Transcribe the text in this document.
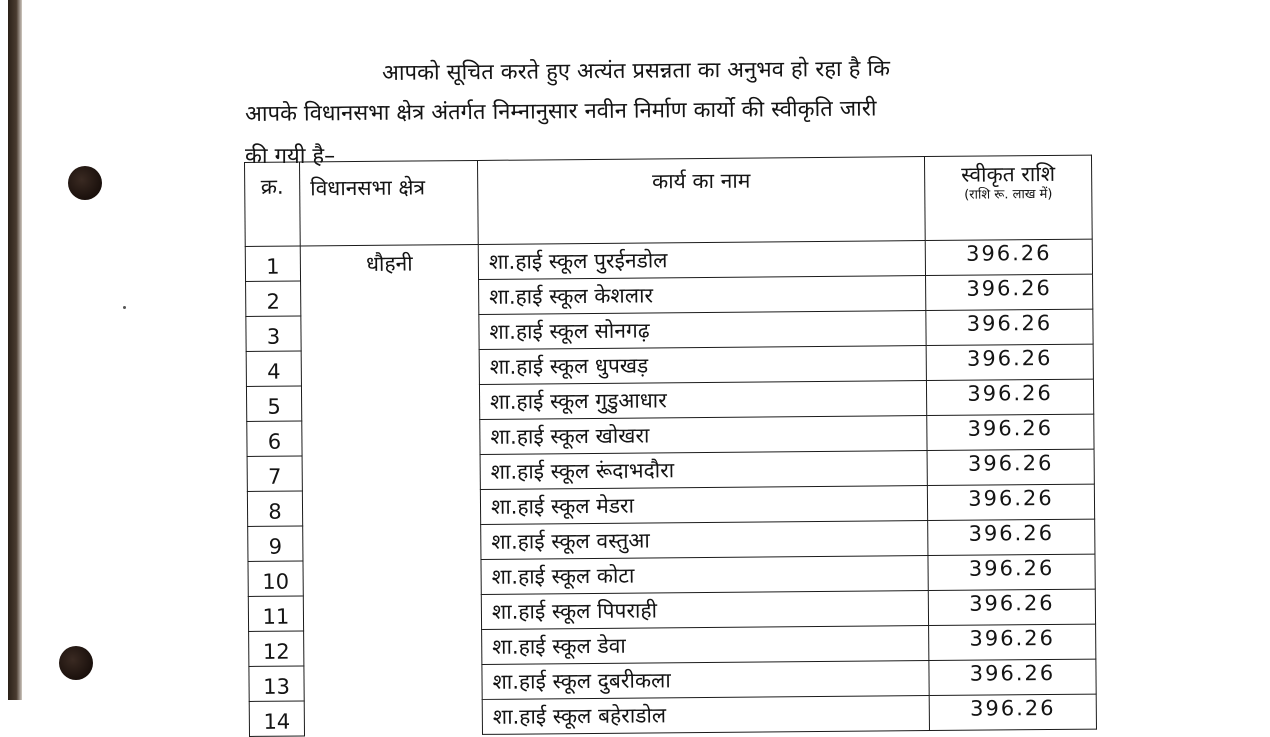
आपको सूचित करते हुए अत्यंत प्रसन्नता का अनुभव हो रहा है कि
आपके विधानसभा क्षेत्र अंतर्गत निम्नानुसार नवीन निर्माण कार्यो की स्वीकृति जारी
की गयी है–
क्र.	विधानसभा क्षेत्र	कार्य का नाम	स्वीकृत राशि
(राशि रू. लाख में)

1	धौहनी	शा.हाई स्कूल पुरईनडोल	396.26
2		शा.हाई स्कूल केशलार	396.26
3		शा.हाई स्कूल सोनगढ़	396.26
4		शा.हाई स्कूल धुपखड़	396.26
5		शा.हाई स्कूल गुडुआधार	396.26
6		शा.हाई स्कूल खोखरा	396.26
7		शा.हाई स्कूल रूंदाभदौरा	396.26
8		शा.हाई स्कूल मेडरा	396.26
9		शा.हाई स्कूल वस्तुआ	396.26
10		शा.हाई स्कूल कोटा	396.26
11		शा.हाई स्कूल पिपराही	396.26
12		शा.हाई स्कूल डेवा	396.26
13		शा.हाई स्कूल दुबरीकला	396.26
14		शा.हाई स्कूल बहेराडोल	396.26
